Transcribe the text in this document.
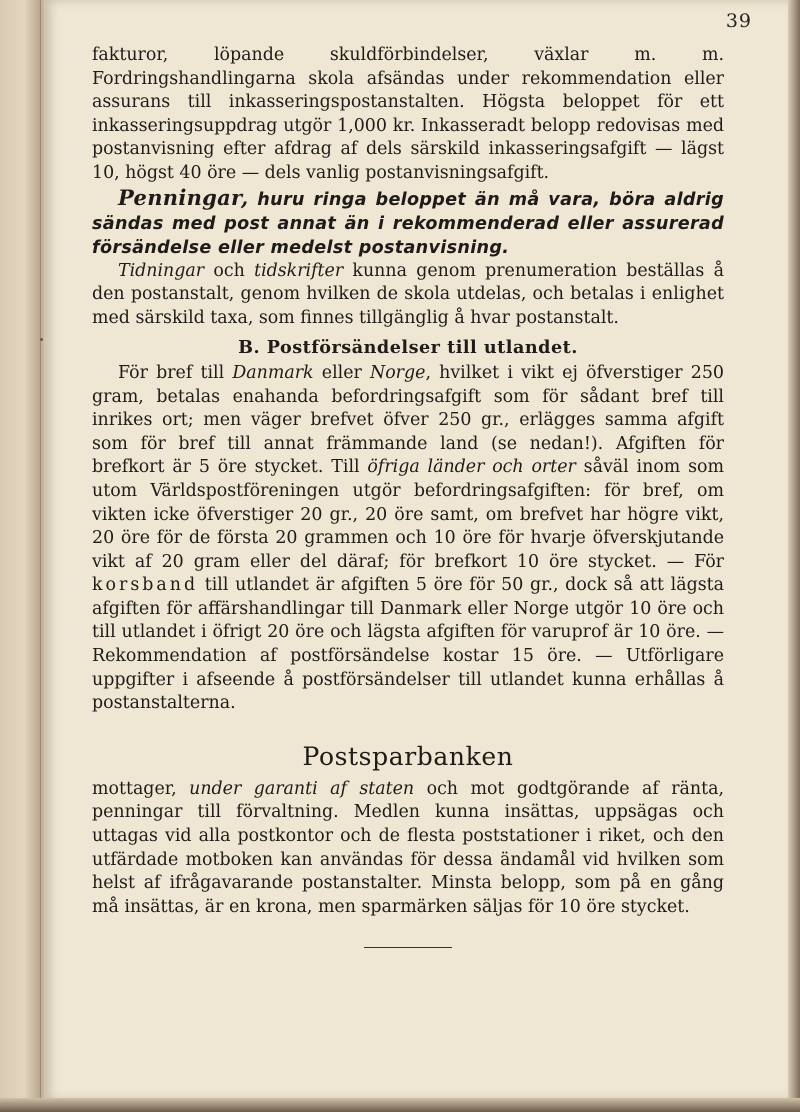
39

fakturor, löpande skuldförbindelser, växlar m. m. Fordringshandlingarna skola afsändas under rekommendation eller assurans till inkasseringspostanstalten. Högsta beloppet för ett inkasseringsuppdrag utgör 1,000 kr. Inkasseradt belopp redovisas med postanvisning efter afdrag af dels särskild inkasseringsafgift — lägst 10, högst 40 öre — dels vanlig postanvisningsafgift.

Penningar, huru ringa beloppet än må vara, böra aldrig sändas med post annat än i rekommenderad eller assurerad försändelse eller medelst postanvisning.

Tidningar och tidskrifter kunna genom prenumeration beställas å den postanstalt, genom hvilken de skola utdelas, och betalas i enlighet med särskild taxa, som finnes tillgänglig å hvar postanstalt.

B. Postförsändelser till utlandet.

För bref till Danmark eller Norge, hvilket i vikt ej öfverstiger 250 gram, betalas enahanda befordringsafgift som för sådant bref till inrikes ort; men väger brefvet öfver 250 gr., erlägges samma afgift som för bref till annat främmande land (se nedan!). Afgiften för brefkort är 5 öre stycket. Till öfriga länder och orter såväl inom som utom Världspostföreningen utgör befordringsafgiften: för bref, om vikten icke öfverstiger 20 gr., 20 öre samt, om brefvet har högre vikt, 20 öre för de första 20 grammen och 10 öre för hvarje öfverskjutande vikt af 20 gram eller del däraf; för brefkort 10 öre stycket. — För korsband till utlandet är afgiften 5 öre för 50 gr., dock så att lägsta afgiften för affärshandlingar till Danmark eller Norge utgör 10 öre och till utlandet i öfrigt 20 öre och lägsta afgiften för varuprof är 10 öre. — Rekommendation af postförsändelse kostar 15 öre. — Utförligare uppgifter i afseende å postförsändelser till utlandet kunna erhållas å postanstalterna.

Postsparbanken

mottager, under garanti af staten och mot godtgörande af ränta, penningar till förvaltning. Medlen kunna insättas, uppsägas och uttagas vid alla postkontor och de flesta poststationer i riket, och den utfärdade motboken kan användas för dessa ändamål vid hvilken som helst af ifrågavarande postanstalter. Minsta belopp, som på en gång må insättas, är en krona, men sparmärken säljas för 10 öre stycket.
